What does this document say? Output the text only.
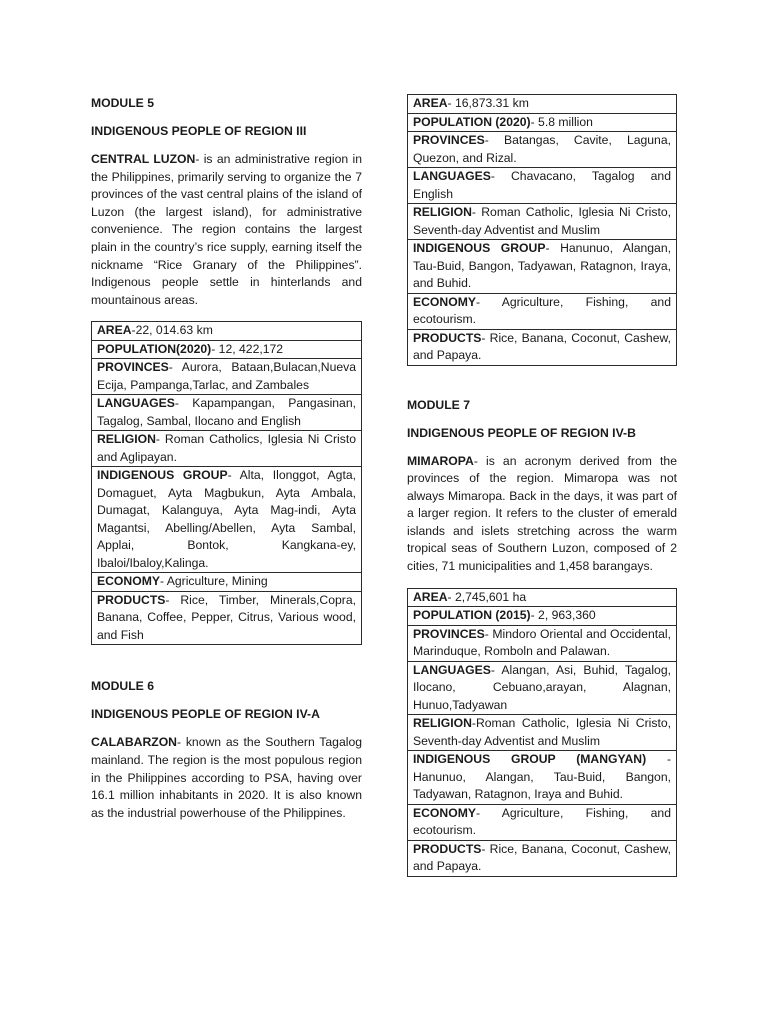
MODULE 5

INDIGENOUS PEOPLE OF REGION III

CENTRAL LUZON- is an administrative region in the Philippines, primarily serving to organize the 7 provinces of the vast central plains of the island of Luzon (the largest island), for administrative convenience. The region contains the largest plain in the country’s rice supply, earning itself the nickname “Rice Granary of the Philippines”. Indigenous people settle in hinterlands and mountainous areas.

AREA-22, 014.63 km
POPULATION(2020)- 12, 422,172
PROVINCES- Aurora, Bataan,Bulacan,Nueva Ecija, Pampanga,Tarlac, and Zambales
LANGUAGES- Kapampangan, Pangasinan, Tagalog, Sambal, Ilocano and English
RELIGION- Roman Catholics, Iglesia Ni Cristo and Aglipayan.
INDIGENOUS GROUP- Alta, Ilonggot, Agta, Domaguet, Ayta Magbukun, Ayta Ambala, Dumagat, Kalanguya, Ayta Mag-indi, Ayta Magantsi, Abelling/Abellen, Ayta Sambal, Applai, Bontok, Kangkana-ey, Ibaloi/Ibaloy,Kalinga.
ECONOMY- Agriculture, Mining
PRODUCTS- Rice, Timber, Minerals,Copra, Banana, Coffee, Pepper, Citrus, Various wood, and Fish

MODULE 6

INDIGENOUS PEOPLE OF REGION IV-A

CALABARZON- known as the Southern Tagalog mainland. The region is the most populous region in the Philippines according to PSA, having over 16.1 million inhabitants in 2020. It is also known as the industrial powerhouse of the Philippines.

AREA- 16,873.31 km
POPULATION (2020)- 5.8 million
PROVINCES- Batangas, Cavite, Laguna, Quezon, and Rizal.
LANGUAGES- Chavacano, Tagalog and English
RELIGION- Roman Catholic, Iglesia Ni Cristo, Seventh-day Adventist and Muslim
INDIGENOUS GROUP- Hanunuo, Alangan, Tau-Buid, Bangon, Tadyawan, Ratagnon, Iraya, and Buhid.
ECONOMY- Agriculture, Fishing, and ecotourism.
PRODUCTS- Rice, Banana, Coconut, Cashew, and Papaya.

MODULE 7

INDIGENOUS PEOPLE OF REGION IV-B

MIMAROPA- is an acronym derived from the provinces of the region. Mimaropa was not always Mimaropa. Back in the days, it was part of a larger region. It refers to the cluster of emerald islands and islets stretching across the warm tropical seas of Southern Luzon, composed of 2 cities, 71 municipalities and 1,458 barangays.

AREA- 2,745,601 ha
POPULATION (2015)- 2, 963,360
PROVINCES- Mindoro Oriental and Occidental, Marinduque, Romboln and Palawan.
LANGUAGES- Alangan, Asi, Buhid, Tagalog, Ilocano, Cebuano,arayan, Alagnan, Hunuo,Tadyawan
RELIGION-Roman Catholic, Iglesia Ni Cristo, Seventh-day Adventist and Muslim
INDIGENOUS GROUP (MANGYAN) - Hanunuo, Alangan, Tau-Buid, Bangon, Tadyawan, Ratagnon, Iraya and Buhid.
ECONOMY- Agriculture, Fishing, and ecotourism.
PRODUCTS- Rice, Banana, Coconut, Cashew, and Papaya.
